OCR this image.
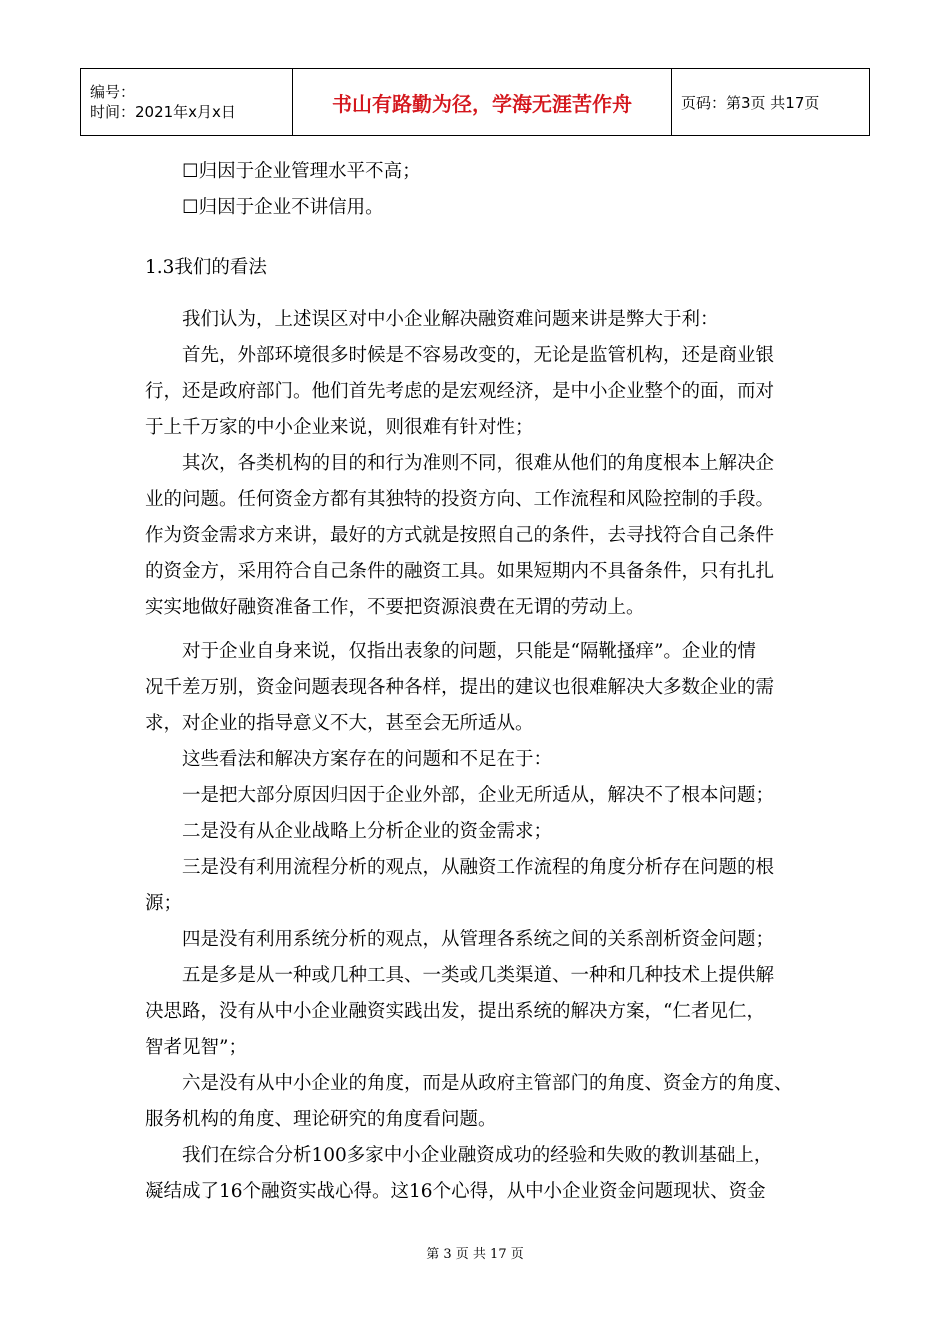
编号：
时间：2021年x月x日	书山有路勤为径，学海无涯苦作舟	页码：第3页 共17页
☐归因于企业管理水平不高；
☐归因于企业不讲信用。
1.3我们的看法
我们认为，上述误区对中小企业解决融资难问题来讲是弊大于利：
首先，外部环境很多时候是不容易改变的，无论是监管机构，还是商业银
行，还是政府部门。他们首先考虑的是宏观经济，是中小企业整个的面，而对
于上千万家的中小企业来说，则很难有针对性；
其次，各类机构的目的和行为准则不同，很难从他们的角度根本上解决企
业的问题。任何资金方都有其独特的投资方向、工作流程和风险控制的手段。
作为资金需求方来讲，最好的方式就是按照自己的条件，去寻找符合自己条件
的资金方，采用符合自己条件的融资工具。如果短期内不具备条件，只有扎扎
实实地做好融资准备工作，不要把资源浪费在无谓的劳动上。
对于企业自身来说，仅指出表象的问题，只能是“隔靴搔痒”。企业的情
况千差万别，资金问题表现各种各样，提出的建议也很难解决大多数企业的需
求，对企业的指导意义不大，甚至会无所适从。
这些看法和解决方案存在的问题和不足在于：
一是把大部分原因归因于企业外部，企业无所适从，解决不了根本问题；
二是没有从企业战略上分析企业的资金需求；
三是没有利用流程分析的观点，从融资工作流程的角度分析存在问题的根
源；
四是没有利用系统分析的观点，从管理各系统之间的关系剖析资金问题；
五是多是从一种或几种工具、一类或几类渠道、一种和几种技术上提供解
决思路，没有从中小企业融资实践出发，提出系统的解决方案，“仁者见仁，
智者见智”；
六是没有从中小企业的角度，而是从政府主管部门的角度、资金方的角度、
服务机构的角度、理论研究的角度看问题。
我们在综合分析100多家中小企业融资成功的经验和失败的教训基础上，
凝结成了16个融资实战心得。这16个心得，从中小企业资金问题现状、资金
第 3 页 共 17 页
